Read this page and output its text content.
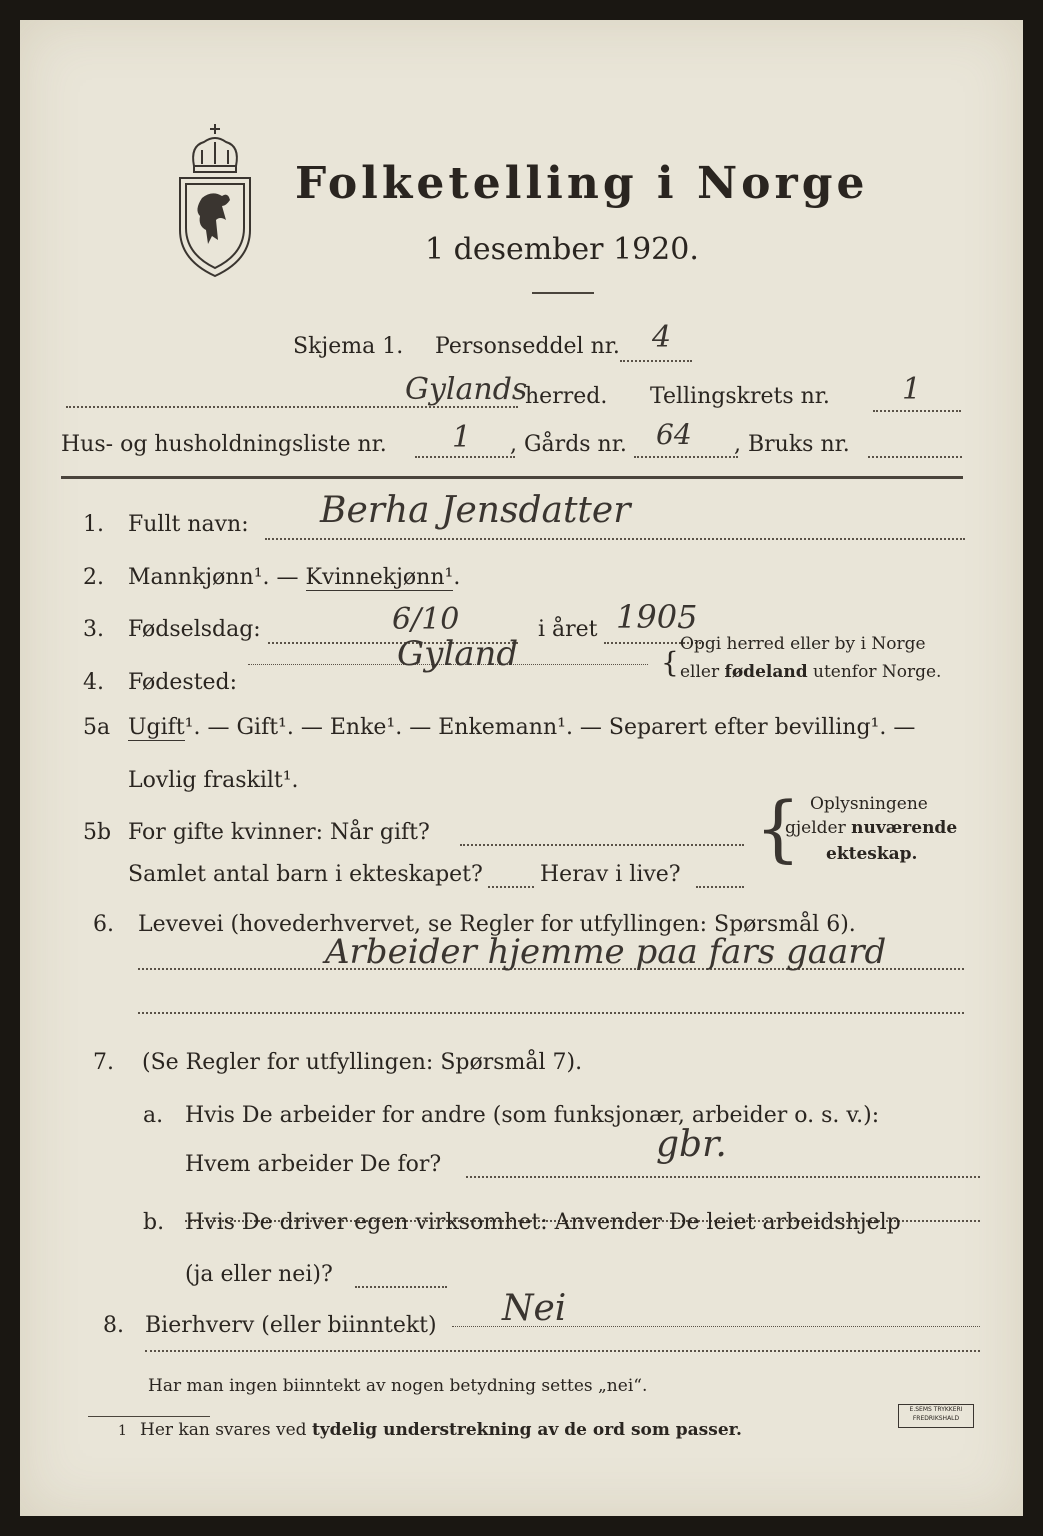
Folketelling i Norge
1 desember 1920.
Skjema 1. Personseddel nr. 4
Gylands
herred. Tellingskrets nr. 1
Hus- og husholdningsliste nr. 1 , Gårds nr. 64 , Bruks nr.
1. Fullt navn: Berha Jensdatter
2. Mannkjønn¹. — Kvinnekjønn¹.
3. Fødselsdag:	6/10	i året 1905
4. Fødested:
Gyland	{
Opgi herred eller by i Norge
eller fødeland utenfor Norge.
5a Ugift¹. — Gift¹. — Enke¹. — Enkemann¹. — Separert efter bevilling¹. —
Lovlig fraskilt¹.
5b For gifte kvinner: Når gift?
Samlet antal barn i ekteskapet?	Herav i live?
{ Oplysningene
gjelder nuværende
ekteskap.
6. Levevei (hovederhvervet, se Regler for utfyllingen: Spørsmål 6).
Arbeider hjemme paa fars gaard
7. (Se Regler for utfyllingen: Spørsmål 7).
a. Hvis De arbeider for andre (som funksjonær, arbeider o. s. v.):
Hvem arbeider De for?	gbr.
b. Hvis De driver egen virksomhet: Anvender De leiet arbeidshjelp
(ja eller nei)?
8. Bierhverv (eller biinntekt) Nei
Har man ingen biinntekt av nogen betydning settes „nei“.
1 Her kan svares ved tydelig understrekning av de ord som passer.
E.SEMS TRYKKERI
FREDRIKSHALD
